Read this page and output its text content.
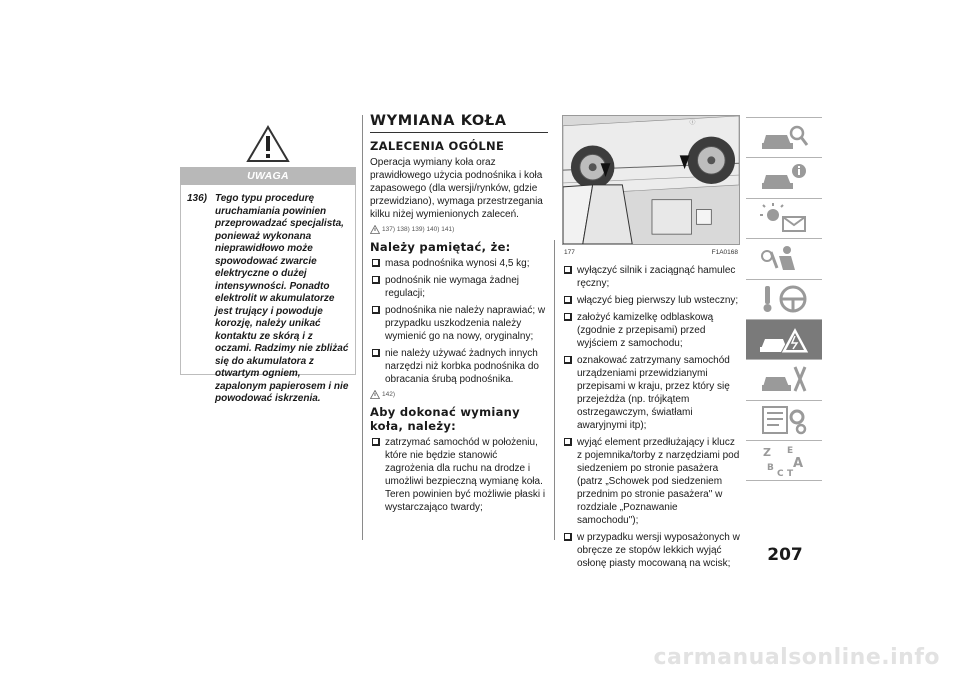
UWAGA
136) Tego typu procedurę uruchamiania powinien przeprowadzać specjalista, ponieważ wykonana nieprawidłowo może spowodować zwarcie elektryczne o dużej intensywności. Ponadto elektrolit w akumulatorze jest trujący i powoduje korozję, należy unikać kontaktu ze skórą i z oczami. Radzimy nie zbliżać się do akumulatora z otwartym ogniem, zapalonym papierosem i nie powodować iskrzenia.
WYMIANA KOŁA
ZALECENIA OGÓLNE
Operacja wymiany koła oraz prawidłowego użycia podnośnika i koła zapasowego (dla wersji/rynków, gdzie przewidziano), wymaga przestrzegania kilku niżej wymienionych zaleceń.
137) 138) 139) 140) 141)
Należy pamiętać, że:
masa podnośnika wynosi 4,5 kg;
podnośnik nie wymaga żadnej regulacji;
podnośnika nie należy naprawiać; w przypadku uszkodzenia należy wymienić go na nowy, oryginalny;
nie należy używać żadnych innych narzędzi niż korbka podnośnika do obracania śrubą podnośnika.
142)
Aby dokonać wymiany koła, należy:
zatrzymać samochód w położeniu, które nie będzie stanowić zagrożenia dla ruchu na drodze i umożliwi bezpieczną wymianę koła. Teren powinien być możliwie płaski i wystarczająco twardy;
ⓘ
177	F1A0168
wyłączyć silnik i zaciągnąć hamulec ręczny;
włączyć bieg pierwszy lub wsteczny;
założyć kamizelkę odblaskową (zgodnie z przepisami) przed wyjściem z samochodu;
oznakować zatrzymany samochód urządzeniami przewidzianymi przepisami w kraju, przez który się przejeżdża (np. trójkątem ostrzegawczym, światłami awaryjnymi itp);
wyjąć element przedłużający i klucz z pojemnika/torby z narzędziami pod siedzeniem po stronie pasażera (patrz „Schowek pod siedzeniem przednim po stronie pasażera" w rozdziale „Poznawanie samochodu");
w przypadku wersji wyposażonych w obręcze ze stopów lekkich wyjąć osłonę piasty mocowaną na wcisk;
Z E
A
B
C T
207
carmanualsonline.info
